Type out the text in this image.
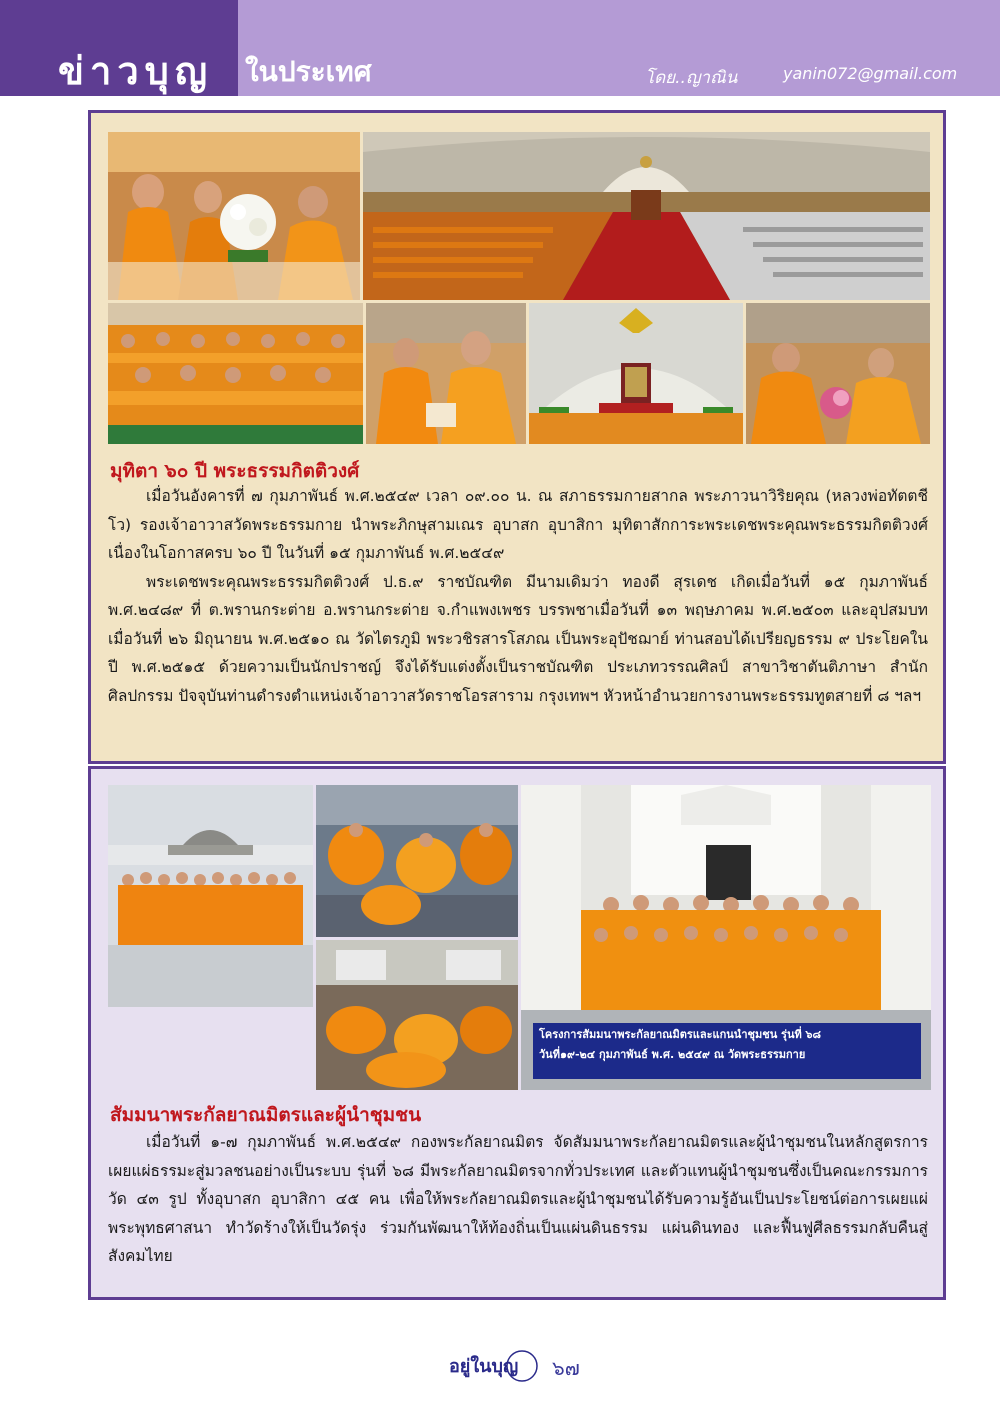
ข่าวบุญ ในประเทศ	โดย..ญาณิน	yanin072@gmail.com
มุทิตา ๖๐ ปี พระธรรมกิตติวงศ์

เมื่อวันอังคารที่ ๗ กุมภาพันธ์ พ.ศ.๒๕๔๙ เวลา ๐๙.๐๐ น. ณ สภาธรรมกายสากล พระภาวนาวิริยคุณ (หลวงพ่อทัตตชีโว) รองเจ้าอาวาสวัดพระธรรมกาย นำพระภิกษุสามเณร อุบาสก อุบาสิกา มุทิตาสักการะพระเดชพระคุณพระธรรมกิตติวงศ์ เนื่องในโอกาสครบ ๖๐ ปี ในวันที่ ๑๕ กุมภาพันธ์ พ.ศ.๒๕๔๙

พระเดชพระคุณพระธรรมกิตติวงศ์ ป.ธ.๙ ราชบัณฑิต มีนามเดิมว่า ทองดี สุรเดช เกิดเมื่อวันที่ ๑๕ กุมภาพันธ์ พ.ศ.๒๔๘๙ ที่ ต.พรานกระต่าย อ.พรานกระต่าย จ.กำแพงเพชร บรรพชาเมื่อวันที่ ๑๓ พฤษภาคม พ.ศ.๒๕๐๓ และอุปสมบทเมื่อวันที่ ๒๖ มิถุนายน พ.ศ.๒๕๑๐ ณ วัดไตรภูมิ พระวชิรสารโสภณ เป็นพระอุปัชฌาย์ ท่านสอบได้เปรียญธรรม ๙ ประโยคในปี พ.ศ.๒๕๑๕ ด้วยความเป็นนักปราชญ์ จึงได้รับแต่งตั้งเป็นราชบัณฑิต ประเภทวรรณศิลป์ สาขาวิชาตันติภาษา สำนักศิลปกรรม ปัจจุบันท่านดำรงตำแหน่งเจ้าอาวาสวัดราชโอรสาราม กรุงเทพฯ หัวหน้าอำนวยการงานพระธรรมทูตสายที่ ๘ ฯลฯ

โครงการสัมมนาพระกัลยาณมิตรและแกนนำชุมชน รุ่นที่ ๖๘
วันที่๑๙-๒๔ กุมภาพันธ์ พ.ศ. ๒๕๔๙ ณ วัดพระธรรมกาย
สัมมนาพระกัลยาณมิตรและผู้นำชุมชน

เมื่อวันที่ ๑-๗ กุมภาพันธ์ พ.ศ.๒๕๔๙ กองพระกัลยาณมิตร จัดสัมมนาพระกัลยาณมิตรและผู้นำชุมชนในหลักสูตรการเผยแผ่ธรรมะสู่มวลชนอย่างเป็นระบบ รุ่นที่ ๖๘ มีพระกัลยาณมิตรจากทั่วประเทศ และตัวแทนผู้นำชุมชนซึ่งเป็นคณะกรรมการวัด ๔๓ รูป ทั้งอุบาสก อุบาสิกา ๔๕ คน เพื่อให้พระกัลยาณมิตรและผู้นำชุมชนได้รับความรู้อันเป็นประโยชน์ต่อการเผยแผ่พระพุทธศาสนา ทำวัดร้างให้เป็นวัดรุ่ง ร่วมกันพัฒนาให้ท้องถิ่นเป็นแผ่นดินธรรม แผ่นดินทอง และฟื้นฟูศีลธรรมกลับคืนสู่สังคมไทย

อยู่ในบุญ ๖๗
